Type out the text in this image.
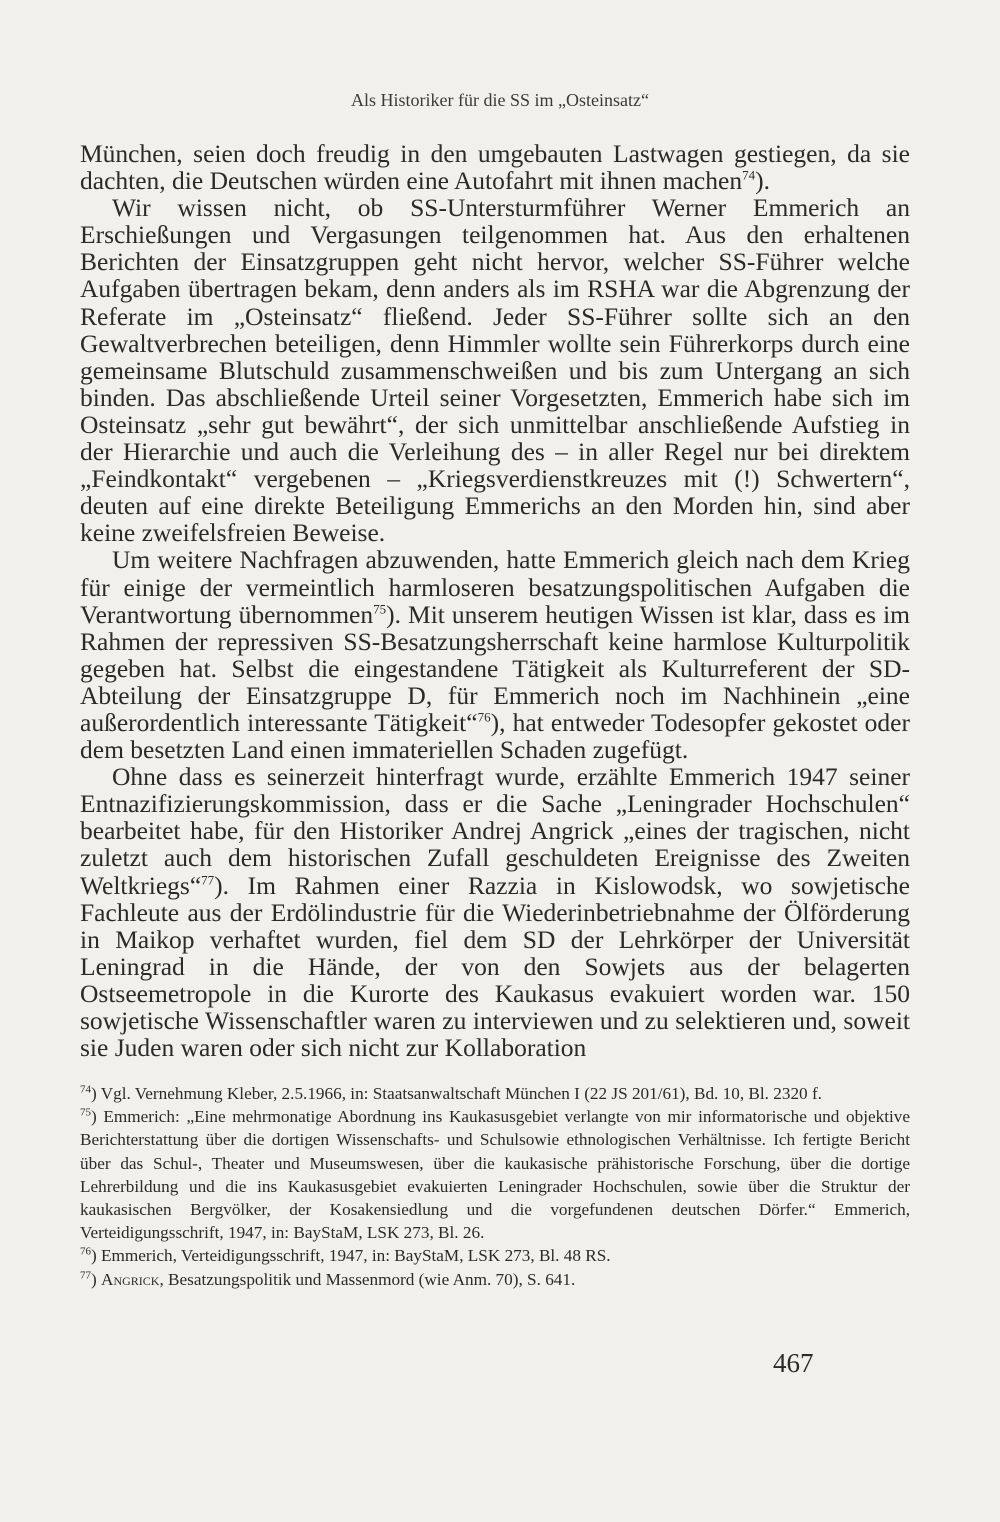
Als Historiker für die SS im „Osteinsatz“

München, seien doch freudig in den umgebauten Lastwagen gestiegen, da sie dachten, die Deutschen würden eine Autofahrt mit ihnen machen$^{74}$).

Wir wissen nicht, ob SS-Untersturmführer Werner Emmerich an Erschießungen und Vergasungen teilgenommen hat. Aus den erhaltenen Berichten der Einsatzgruppen geht nicht hervor, welcher SS-Führer welche Aufgaben übertragen bekam, denn anders als im RSHA war die Abgrenzung der Referate im „Osteinsatz“ fließend. Jeder SS-Führer sollte sich an den Gewaltverbrechen beteiligen, denn Himmler wollte sein Führerkorps durch eine gemeinsame Blutschuld zusammenschweißen und bis zum Untergang an sich binden. Das abschließende Urteil seiner Vorgesetzten, Emmerich habe sich im Osteinsatz „sehr gut bewährt“, der sich unmittelbar anschließende Aufstieg in der Hierarchie und auch die Verleihung des – in aller Regel nur bei direktem „Feindkontakt“ vergebenen – „Kriegsverdienstkreuzes mit (!) Schwertern“, deuten auf eine direkte Beteiligung Emmerichs an den Morden hin, sind aber keine zweifelsfreien Beweise.

Um weitere Nachfragen abzuwenden, hatte Emmerich gleich nach dem Krieg für einige der vermeintlich harmloseren besatzungspolitischen Aufgaben die Verantwortung übernommen$^{75}$). Mit unserem heutigen Wissen ist klar, dass es im Rahmen der repressiven SS-Besatzungsherrschaft keine harmlose Kulturpolitik gegeben hat. Selbst die eingestandene Tätigkeit als Kulturreferent der SD-Abteilung der Einsatzgruppe D, für Emmerich noch im Nachhinein „eine außerordentlich interessante Tätigkeit“$^{76}$), hat entweder Todesopfer gekostet oder dem besetzten Land einen immateriellen Schaden zugefügt.

Ohne dass es seinerzeit hinterfragt wurde, erzählte Emmerich 1947 seiner Entnazifizierungskommission, dass er die Sache „Leningrader Hochschulen“ bearbeitet habe, für den Historiker Andrej Angrick „eines der tragischen, nicht zuletzt auch dem historischen Zufall geschuldeten Ereignisse des Zweiten Weltkriegs“$^{77}$). Im Rahmen einer Razzia in Kislowodsk, wo sowjetische Fachleute aus der Erdölindustrie für die Wiederinbetriebnahme der Ölförderung in Maikop verhaftet wurden, fiel dem SD der Lehrkörper der Universität Leningrad in die Hände, der von den Sowjets aus der belagerten Ostseemetropole in die Kurorte des Kaukasus evakuiert worden war. 150 sowjetische Wissenschaftler waren zu interviewen und zu selektieren und, soweit sie Juden waren oder sich nicht zur Kollaboration

$^{74}$) Vgl. Vernehmung Kleber, 2.5.1966, in: Staatsanwaltschaft München I (22 JS 201/61), Bd. 10, Bl. 2320 f.

$^{75}$) Emmerich: „Eine mehrmonatige Abordnung ins Kaukasusgebiet verlangte von mir informatorische und objektive Berichterstattung über die dortigen Wissenschafts- und Schulsowie ethnologischen Verhältnisse. Ich fertigte Bericht über das Schul-, Theater und Museumswesen, über die kaukasische prähistorische Forschung, über die dortige Lehrerbildung und die ins Kaukasusgebiet evakuierten Leningrader Hochschulen, sowie über die Struktur der kaukasischen Bergvölker, der Kosakensiedlung und die vorgefundenen deutschen Dörfer.“ Emmerich, Verteidigungsschrift, 1947, in: BayStaM, LSK 273, Bl. 26.

$^{76}$) Emmerich, Verteidigungsschrift, 1947, in: BayStaM, LSK 273, Bl. 48 RS.

$^{77}$) Angrick, Besatzungspolitik und Massenmord (wie Anm. 70), S. 641.

467
